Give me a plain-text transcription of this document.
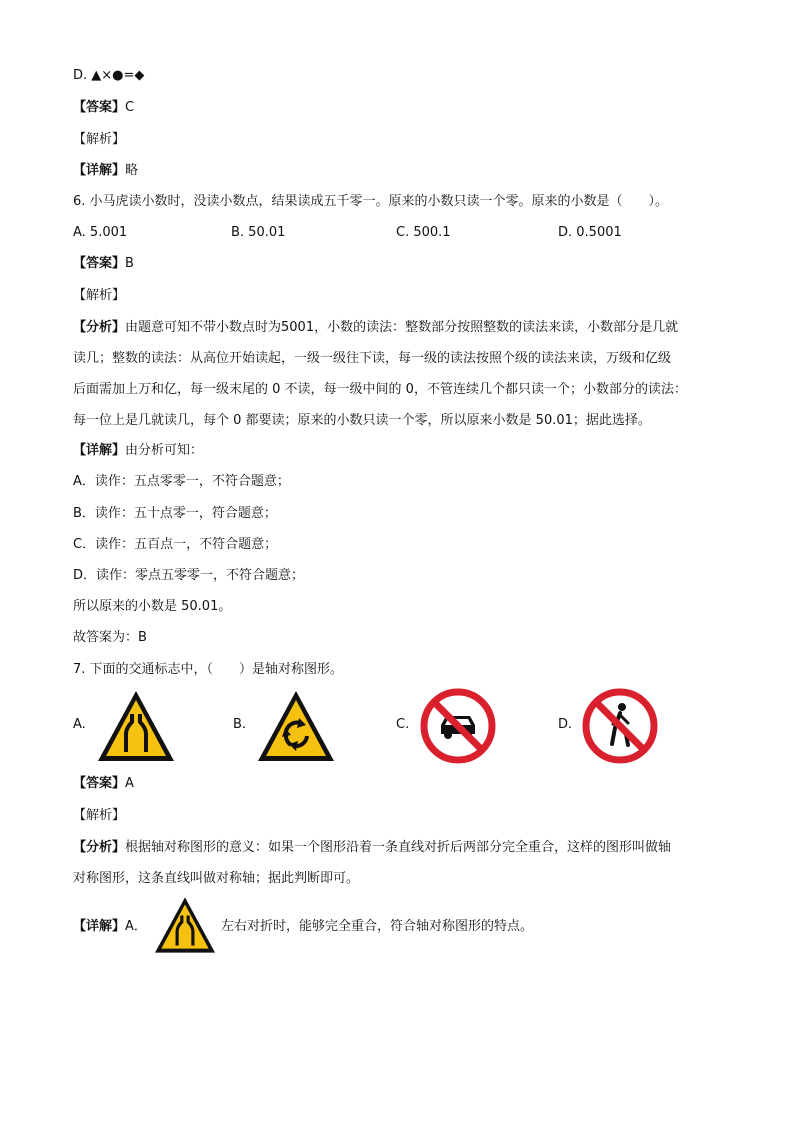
D. ▲×●=◆
【答案】C
【解析】
【详解】略
6. 小马虎读小数时，没读小数点，结果读成五千零一。原来的小数只读一个零。原来的小数是（　　）。
A. 5.001	B. 50.01	C. 500.1	D. 0.5001
【答案】B
【解析】
【分析】由题意可知不带小数点时为5001，小数的读法：整数部分按照整数的读法来读，小数部分是几就
读几；整数的读法：从高位开始读起，一级一级往下读，每一级的读法按照个级的读法来读，万级和亿级
后面需加上万和亿，每一级末尾的 0 不读，每一级中间的 0，不管连续几个都只读一个；小数部分的读法：
每一位上是几就读几，每个 0 都要读；原来的小数只读一个零，所以原来小数是 50.01；据此选择。
【详解】由分析可知：
A．读作：五点零零一，不符合题意；
B．读作：五十点零一，符合题意；
C．读作：五百点一，不符合题意；
D．读作：零点五零零一，不符合题意；
所以原来的小数是 50.01。
故答案为：B
7. 下面的交通标志中，（　　）是轴对称图形。
A.	B.	C.	D.
【答案】A
【解析】
【分析】根据轴对称图形的意义：如果一个图形沿着一条直线对折后两部分完全重合，这样的图形叫做轴
对称图形，这条直线叫做对称轴；据此判断即可。
【详解】A．	左右对折时，能够完全重合，符合轴对称图形的特点。
